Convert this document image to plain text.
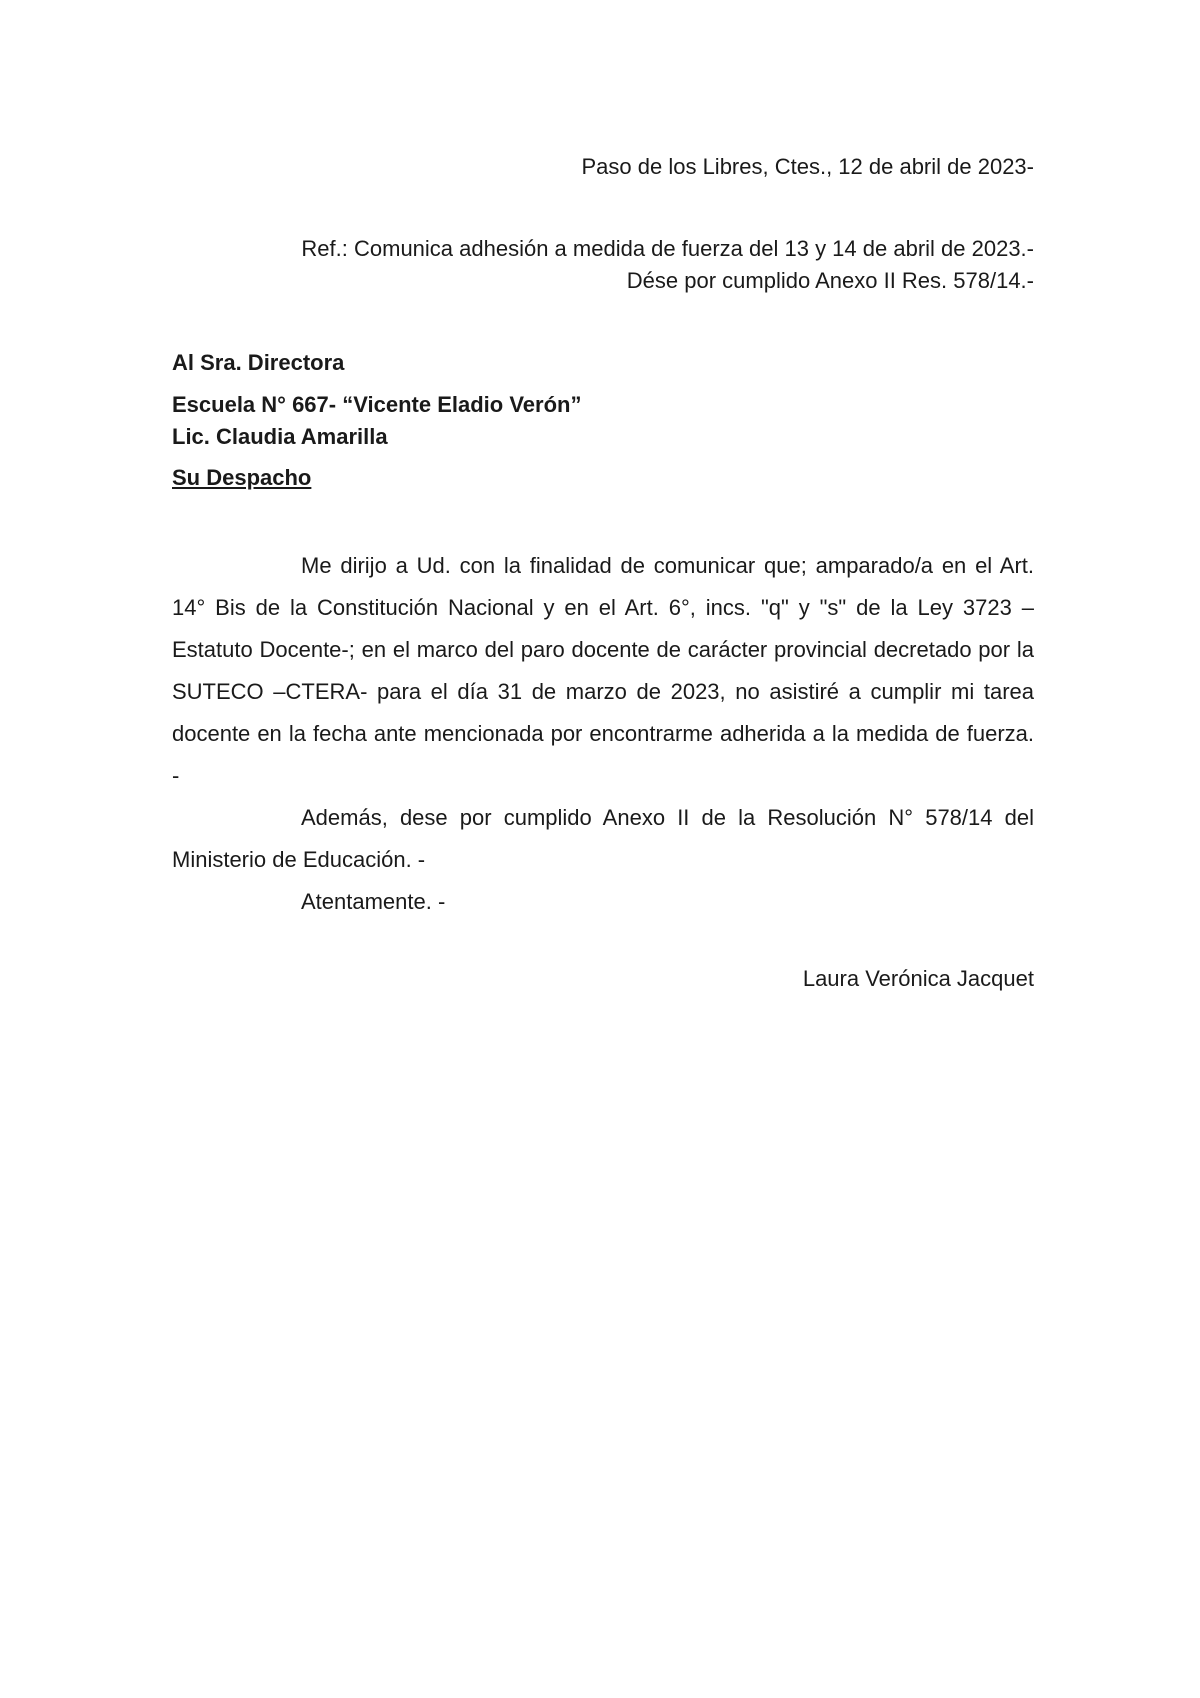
Paso de los Libres, Ctes., 12 de abril de 2023-
Ref.: Comunica adhesión a medida de fuerza del 13 y 14 de abril de 2023.-
Dése por cumplido Anexo II Res. 578/14.-
Al Sra. Directora
Escuela N° 667- “Vicente Eladio Verón”
Lic. Claudia Amarilla
Su Despacho

Me dirijo a Ud. con la finalidad de comunicar que; amparado/a en el Art. 14° Bis de la Constitución Nacional y en el Art. 6°, incs. "q" y "s" de la Ley 3723 –Estatuto Docente-; en el marco del paro docente de carácter provincial decretado por la SUTECO –CTERA- para el día 31 de marzo de 2023, no asistiré a cumplir mi tarea docente en la fecha ante mencionada por encontrarme adherida a la medida de fuerza. -

Además, dese por cumplido Anexo II de la Resolución N° 578/14 del Ministerio de Educación. -

Atentamente. -

Laura Verónica Jacquet
